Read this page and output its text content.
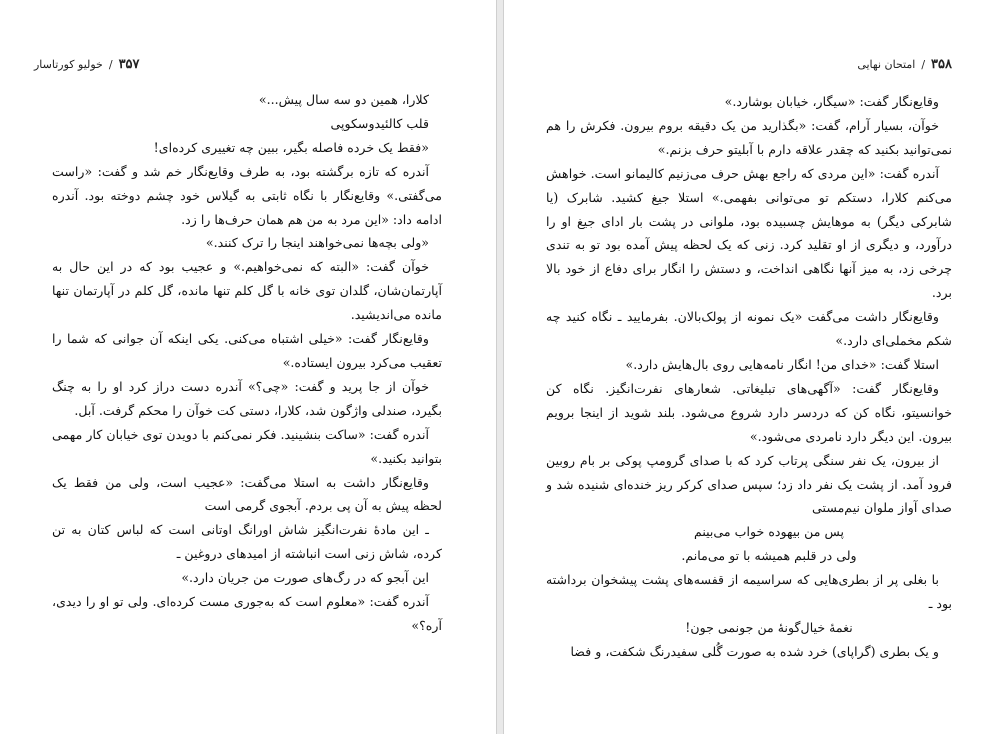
۳۵۷
/
خولیو کورتاسار

کلارا، همین دو سه سال پیش...»

قلب کالئیدوسکوپی

«فقط یک خرده فاصله بگیر، ببین چه تغییری کرده‌ای!

آندره که تازه برگشته بود، به طرف وقایع‌نگار خم شد و گفت: «راست می‌گفتی.» وقایع‌نگار با نگاه ثابتی به گیلاس خود چشم دوخته بود. آندره ادامه داد: «این مرد به من هم همان حرف‌ها را زد.

«ولی بچه‌ها نمی‌خواهند اینجا را ترک کنند.»

خوآن گفت: «البته که نمی‌خواهیم.» و عجیب بود که در این حال به آپارتمان‌شان، گلدان توی خانه با گل کلم تنها مانده، گل کلم در آپارتمان تنها مانده می‌اندیشید.

وقایع‌نگار گفت: «خیلی اشتباه می‌کنی. یکی اینکه آن جوانی که شما را تعقیب می‌کرد بیرون ایستاده.»

خوآن از جا پرید و گفت: «چی؟» آندره دست دراز کرد او را به چنگ بگیرد، صندلی واژگون شد، کلارا، دستی کت خوآن را محکم گرفت. آبل.

آندره گفت: «ساکت بنشینید. فکر نمی‌کنم با دویدن توی خیابان کار مهمی بتوانید بکنید.»

وقایع‌نگار داشت به استلا می‌گفت: «عجیب است، ولی من فقط یک لحظه پیش به آن پی بردم. آبجوی گرمی است

ـ این مادهٔ نفرت‌انگیز شاش اورانگ اوتانی است که لباس کتان به تن کرده، شاش زنی است انباشته از امیدهای دروغین ـ

این آبجو که در رگ‌های صورت من جریان دارد.»

آندره گفت: «معلوم است که به‌جوری مست کرده‌ای. ولی تو او را دیدی، آره؟»

۳۵۸
/
امتحان نهایی

وقایع‌نگار گفت: «سیگار، خیابان بوشارد.»

خوآن، بسیار آرام، گفت: «بگذارید من یک دقیقه بروم بیرون. فکرش را هم نمی‌توانید بکنید که چقدر علاقه دارم با آبلیتو حرف بزنم.»

آندره گفت: «این مردی که راجع بهش حرف می‌زنیم کالیمانو است. خواهش می‌کنم کلارا، دستکم تو می‌توانی بفهمی.» استلا جیغ کشید. شابرک (یا شابرکی دیگر) به موهایش چسبیده بود، ملوانی در پشت بار ادای جیغ او را درآورد، و دیگری از او تقلید کرد. زنی که یک لحظه پیش آمده بود تو به تندی چرخی زد، به میز آنها نگاهی انداخت، و دستش را انگار برای دفاع از خود بالا برد.

وقایع‌نگار داشت می‌گفت «یک نمونه از پولک‌بالان. بفرمایید ـ نگاه کنید چه شکم مخملی‌ای دارد.»

استلا گفت: «خدای من! انگار نامه‌هایی روی بال‌هایش دارد.»

وقایع‌نگار گفت: «آگهی‌های تبلیغاتی. شعارهای نفرت‌انگیز. نگاه کن خوانسیتو، نگاه کن که دردسر دارد شروع می‌شود. بلند شوید از اینجا برویم بیرون. این دیگر دارد نامردی می‌شود.»

از بیرون، یک نفر سنگی پرتاب کرد که با صدای گرومپ پوکی بر بام روبین فرود آمد. از پشت یک نفر داد زد؛ سپس صدای کرکر ریز خنده‌ای شنیده شد و صدای آواز ملوان نیم‌مستی

پس من بیهوده خواب می‌بینم

ولی در قلبم همیشه با تو می‌مانم.

با بغلی پر از بطری‌هایی که سراسیمه از قفسه‌های پشت پیشخوان برداشته بود ـ

نغمهٔ خیال‌گونهٔ من جونمی جون!

و یک بطری (گراپای) خرد شده به صورت گُلی سفیدرنگ شکفت، و فضا
